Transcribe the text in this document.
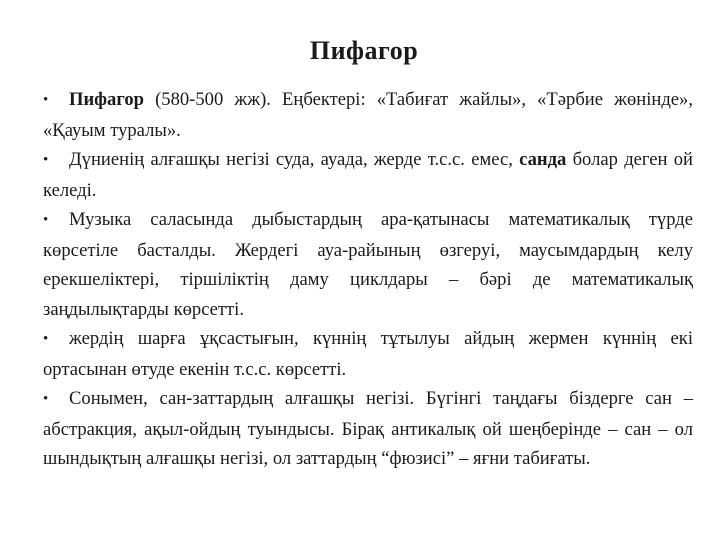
Пифагор

• Пифагор (580-500 жж). Еңбектері: «Табиғат жайлы», «Тәрбие жөнінде», «Қауым туралы».

• Дүниенің алғашқы негізі суда, ауада, жерде т.с.с. емес, санда болар деген ой келеді.

• Музыка саласында дыбыстардың ара-қатынасы математикалық түрде көрсетіле басталды. Жердегі ауа-райының өзгеруі, маусымдардың келу ерекшеліктері, тіршіліктің даму циклдары – бәрі де математикалық заңдылықтарды көрсетті.

• жердің шарға ұқсастығын, күннің тұтылуы айдың жермен күннің екі ортасынан өтуде екенін т.с.с. көрсетті.

• Сонымен, сан-заттардың алғашқы негізі. Бүгінгі таңдағы біздерге сан – абстракция, ақыл-ойдың туындысы. Бірақ антикалық ой шеңберінде – сан – ол шындықтың алғашқы негізі, ол заттардың “фюзисі” – яғни табиғаты.
